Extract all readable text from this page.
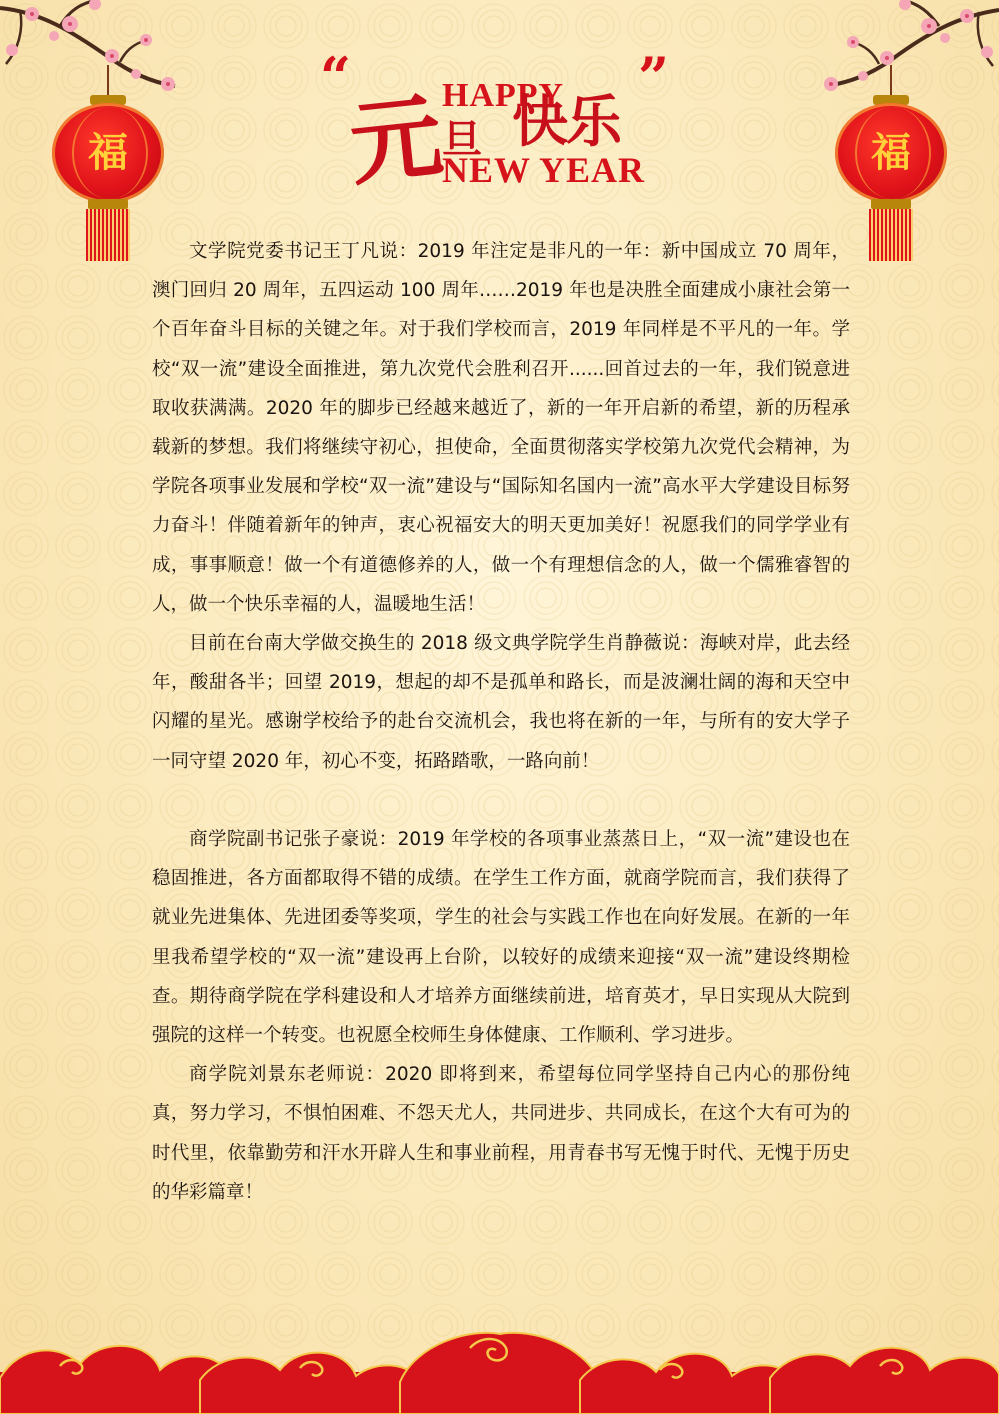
福	福
“
元
旦
HAPPY
快乐
”
NEW YEAR

文学院党委书记王丁凡说：2019 年注定是非凡的一年：新中国成立 70 周年，澳门回归 20 周年，五四运动 100 周年……2019 年也是决胜全面建成小康社会第一个百年奋斗目标的关键之年。对于我们学校而言，2019 年同样是不平凡的一年。学校“双一流”建设全面推进，第九次党代会胜利召开......回首过去的一年，我们锐意进取收获满满。2020 年的脚步已经越来越近了，新的一年开启新的希望，新的历程承载新的梦想。我们将继续守初心，担使命，全面贯彻落实学校第九次党代会精神，为学院各项事业发展和学校“双一流”建设与“国际知名国内一流”高水平大学建设目标努力奋斗！伴随着新年的钟声，衷心祝福安大的明天更加美好！祝愿我们的同学学业有成，事事顺意！做一个有道德修养的人，做一个有理想信念的人，做一个儒雅睿智的人，做一个快乐幸福的人，温暖地生活！

目前在台南大学做交换生的 2018 级文典学院学生肖静薇说：海峡对岸，此去经年，酸甜各半；回望 2019，想起的却不是孤单和路长，而是波澜壮阔的海和天空中闪耀的星光。感谢学校给予的赴台交流机会，我也将在新的一年，与所有的安大学子一同守望 2020 年，初心不变，拓路踏歌，一路向前！

商学院副书记张子豪说：2019 年学校的各项事业蒸蒸日上，“双一流”建设也在稳固推进，各方面都取得不错的成绩。在学生工作方面，就商学院而言，我们获得了就业先进集体、先进团委等奖项，学生的社会与实践工作也在向好发展。在新的一年里我希望学校的“双一流”建设再上台阶，以较好的成绩来迎接“双一流”建设终期检查。期待商学院在学科建设和人才培养方面继续前进，培育英才，早日实现从大院到强院的这样一个转变。也祝愿全校师生身体健康、工作顺利、学习进步。

商学院刘景东老师说：2020 即将到来，希望每位同学坚持自己内心的那份纯真，努力学习，不惧怕困难、不怨天尤人，共同进步、共同成长，在这个大有可为的时代里，依靠勤劳和汗水开辟人生和事业前程，用青春书写无愧于时代、无愧于历史的华彩篇章！
